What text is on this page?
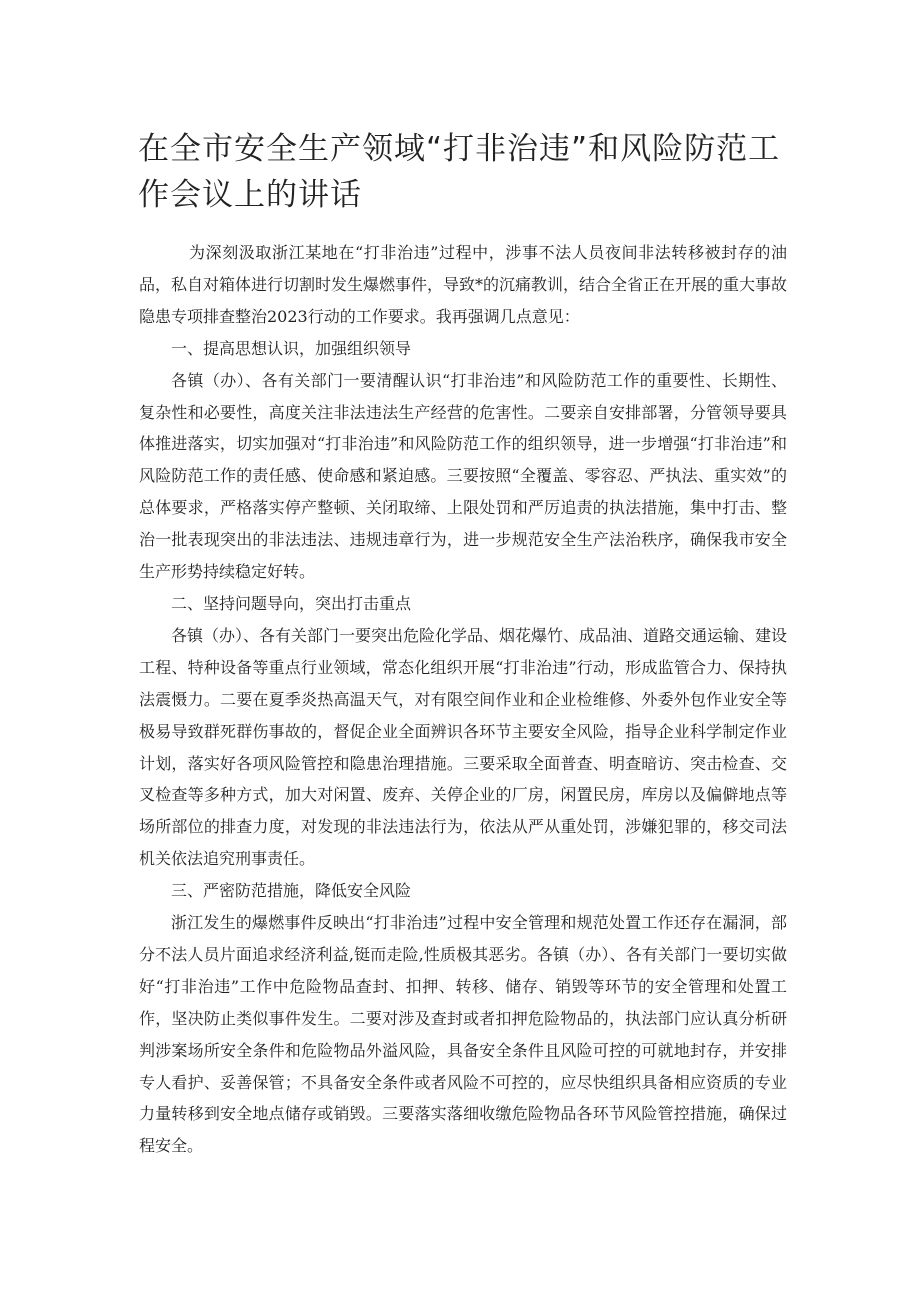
在全市安全生产领域“打非治违”和风险防范工作会议上的讲话

为深刻汲取浙江某地在“打非治违”过程中，涉事不法人员夜间非法转移被封存的油品，私自对箱体进行切割时发生爆燃事件，导致*的沉痛教训，结合全省正在开展的重大事故隐患专项排查整治2023行动的工作要求。我再强调几点意见：

一、提高思想认识，加强组织领导

各镇（办）、各有关部门一要清醒认识“打非治违”和风险防范工作的重要性、长期性、复杂性和必要性，高度关注非法违法生产经营的危害性。二要亲自安排部署，分管领导要具体推进落实，切实加强对“打非治违”和风险防范工作的组织领导，进一步增强“打非治违”和风险防范工作的责任感、使命感和紧迫感。三要按照“全覆盖、零容忍、严执法、重实效”的总体要求，严格落实停产整顿、关闭取缔、上限处罚和严厉追责的执法措施，集中打击、整治一批表现突出的非法违法、违规违章行为，进一步规范安全生产法治秩序，确保我市安全生产形势持续稳定好转。

二、坚持问题导向，突出打击重点

各镇（办）、各有关部门一要突出危险化学品、烟花爆竹、成品油、道路交通运输、建设工程、特种设备等重点行业领域，常态化组织开展“打非治违”行动，形成监管合力、保持执法震慑力。二要在夏季炎热高温天气，对有限空间作业和企业检维修、外委外包作业安全等极易导致群死群伤事故的，督促企业全面辨识各环节主要安全风险，指导企业科学制定作业计划，落实好各项风险管控和隐患治理措施。三要采取全面普查、明查暗访、突击检查、交叉检查等多种方式，加大对闲置、废弃、关停企业的厂房，闲置民房，库房以及偏僻地点等场所部位的排查力度，对发现的非法违法行为，依法从严从重处罚，涉嫌犯罪的，移交司法机关依法追究刑事责任。

三、严密防范措施，降低安全风险

浙江发生的爆燃事件反映出“打非治违”过程中安全管理和规范处置工作还存在漏洞，部分不法人员片面追求经济利益,铤而走险,性质极其恶劣。各镇（办）、各有关部门一要切实做好“打非治违”工作中危险物品查封、扣押、转移、储存、销毁等环节的安全管理和处置工作，坚决防止类似事件发生。二要对涉及查封或者扣押危险物品的，执法部门应认真分析研判涉案场所安全条件和危险物品外溢风险，具备安全条件且风险可控的可就地封存，并安排专人看护、妥善保管；不具备安全条件或者风险不可控的，应尽快组织具备相应资质的专业力量转移到安全地点储存或销毁。三要落实落细收缴危险物品各环节风险管控措施，确保过程安全。
